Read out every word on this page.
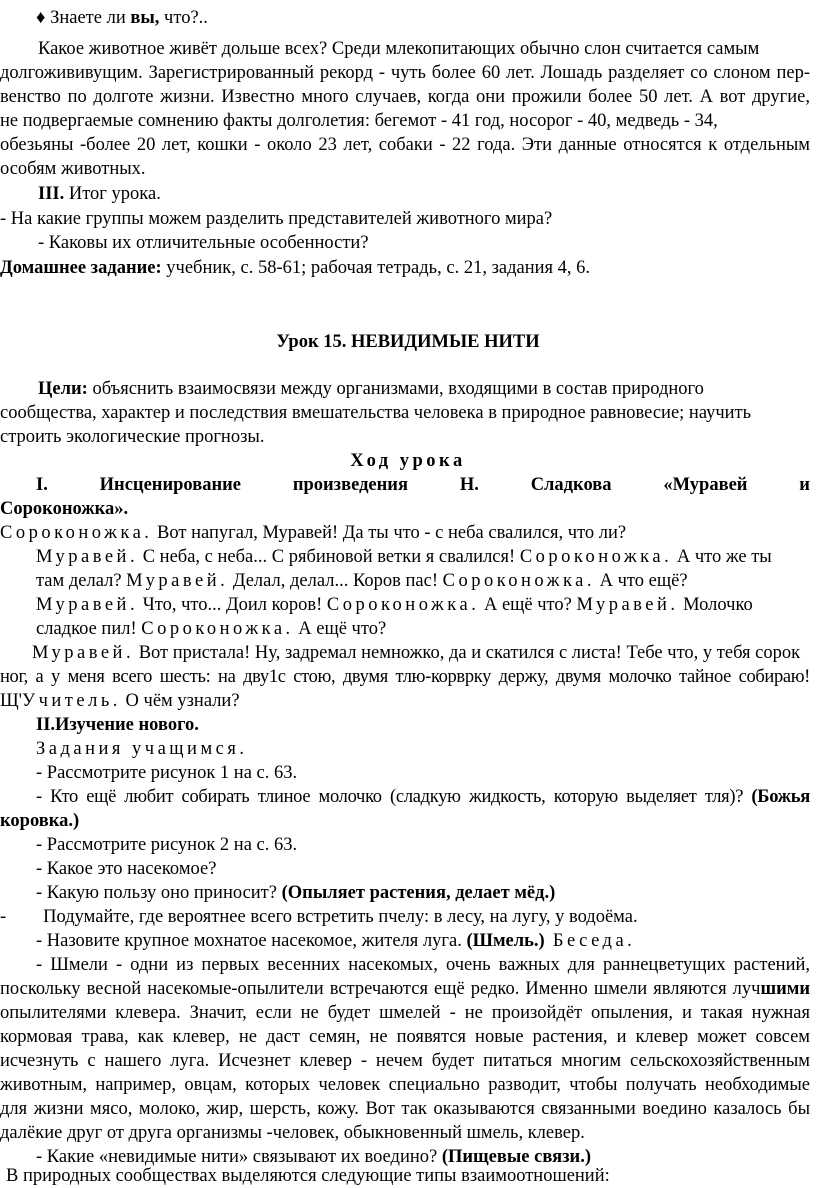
♦ Знаете ли вы, что?..
Какое животное живёт дольше всех? Среди млекопитающих обычно слон считается самым
долгожививущим. Зарегистрированный рекорд - чуть более 60 лет. Лошадь разделяет со слоном пер-
венство по долготе жизни. Известно много случаев, когда они прожили более 50 лет. А вот другие,
не подвергаемые сомнению факты долголетия: бегемот - 41 год, носорог - 40, медведь - 34,
обезьяны -более 20 лет, кошки - около 23 лет, собаки - 22 года. Эти данные относятся к отдельным
особям животных.
III. Итог урока.
- На какие группы можем разделить представителей животного мира?
- Каковы их отличительные особенности?
Домашнее задание: учебник, с. 58-61; рабочая тетрадь, с. 21, задания 4, 6.
Урок 15. НЕВИДИМЫЕ НИТИ
Цели: объяснить взаимосвязи между организмами, входящими в состав природного
сообщества, характер и последствия вмешательства человека в природное равновесие; научить
строить экологические прогнозы.
Ход урока
I.	Инсценирование	произведения	Н.	Сладкова	«Муравей	и
Сороконожка».
Сороконожка. Вот напугал, Муравей! Да ты что - с неба свалился, что ли?
Муравей. С неба, с неба... С рябиновой ветки я свалился! Сороконожка. А что же ты
там делал? Муравей. Делал, делал... Коров пас! Сороконожка. А что ещё?
Муравей. Что, что... Доил коров! Сороконожка. А ещё что? Муравей. Молочко
сладкое пил! Сороконожка. А ещё что?
Муравей. Вот пристала! Ну, задремал немножко, да и скатился с листа! Тебе что, у тебя сорок
ног, а у меня всего шесть: на дву1с стою, двумя тлю-корврку держу, двумя молочко тайное собираю!
Щ'Учитель. О чём узнали?
II.Изучение нового.
Задания учащимся.
- Рассмотрите рисунок 1 на с. 63.
- Кто ещё любит собирать тлиное молочко (сладкую жидкость, которую выделяет тля)? (Божья
коровка.)
- Рассмотрите рисунок 2 на с. 63.
- Какое это насекомое?
- Какую пользу оно приносит? (Опыляет растения, делает мёд.)
-        Подумайте, где вероятнее всего встретить пчелу: в лесу, на лугу, у водоёма.
- Назовите крупное мохнатое насекомое, жителя луга. (Шмель.) Беседа.
- Шмели - одни из первых весенних насекомых, очень важных для раннецветущих растений,
поскольку весной насекомые-опылители встречаются ещё редко. Именно шмели являются лучшими
опылителями клевера. Значит, если не будет шмелей - не произойдёт опыления, и такая нужная
кормовая трава, как клевер, не даст семян, не появятся новые растения, и клевер может совсем
исчезнуть с нашего луга. Исчезнет клевер - нечем будет питаться многим сельскохозяйственным
животным, например, овцам, которых человек специально разводит, чтобы получать необходимые
для жизни мясо, молоко, жир, шерсть, кожу. Вот так оказываются связанными воедино казалось бы
далёкие друг от друга организмы -человек, обыкновенный шмель, клевер.
- Какие «невидимые нити» связывают их воедино? (Пищевые связи.)
В природных сообществах выделяются следующие типы взаимоотношений:
